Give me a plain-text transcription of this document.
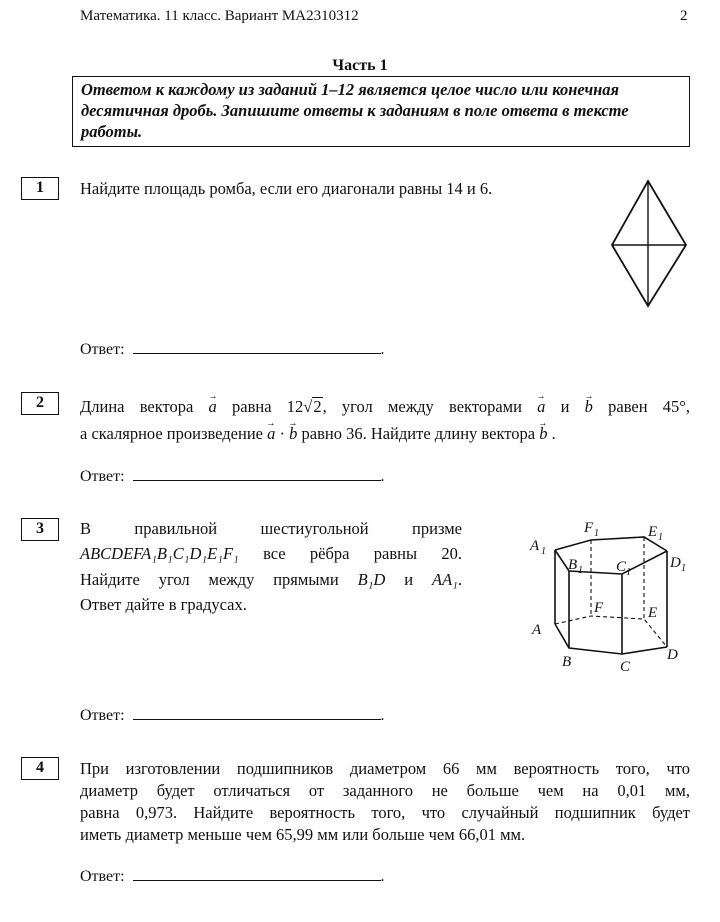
Математика. 11 класс. Вариант МА2310312	2
Часть 1
Ответом к каждому из заданий 1–12 является целое число или конечная десятичная дробь. Запишите ответы к заданиям в поле ответа в тексте работы.
1	Найдите площадь ромба, если его диагонали равны 14 и 6.
Ответ:	.
2	Длина вектора → a равна 12√2, угол между векторами → a и → b равен 45°,
а скалярное произведение → a · → b равно 36. Найдите длину вектора → b .
Ответ:	.
3	В правильной шестиугольной призме
ABCDEFA₁B₁C₁D₁E₁F₁ все рёбра равны 20.
Найдите угол между прямыми B₁D и AA₁.
Ответ дайте в градусах.
A 1
F 1	E 1
B 1 C 1
D 1
F	E
A
B	C
D
Ответ:	.
4	При изготовлении подшипников диаметром 66 мм вероятность того, что
диаметр будет отличаться от заданного не больше чем на 0,01 мм,
равна 0,973. Найдите вероятность того, что случайный подшипник будет
иметь диаметр меньше чем 65,99 мм или больше чем 66,01 мм.
Ответ:	.
